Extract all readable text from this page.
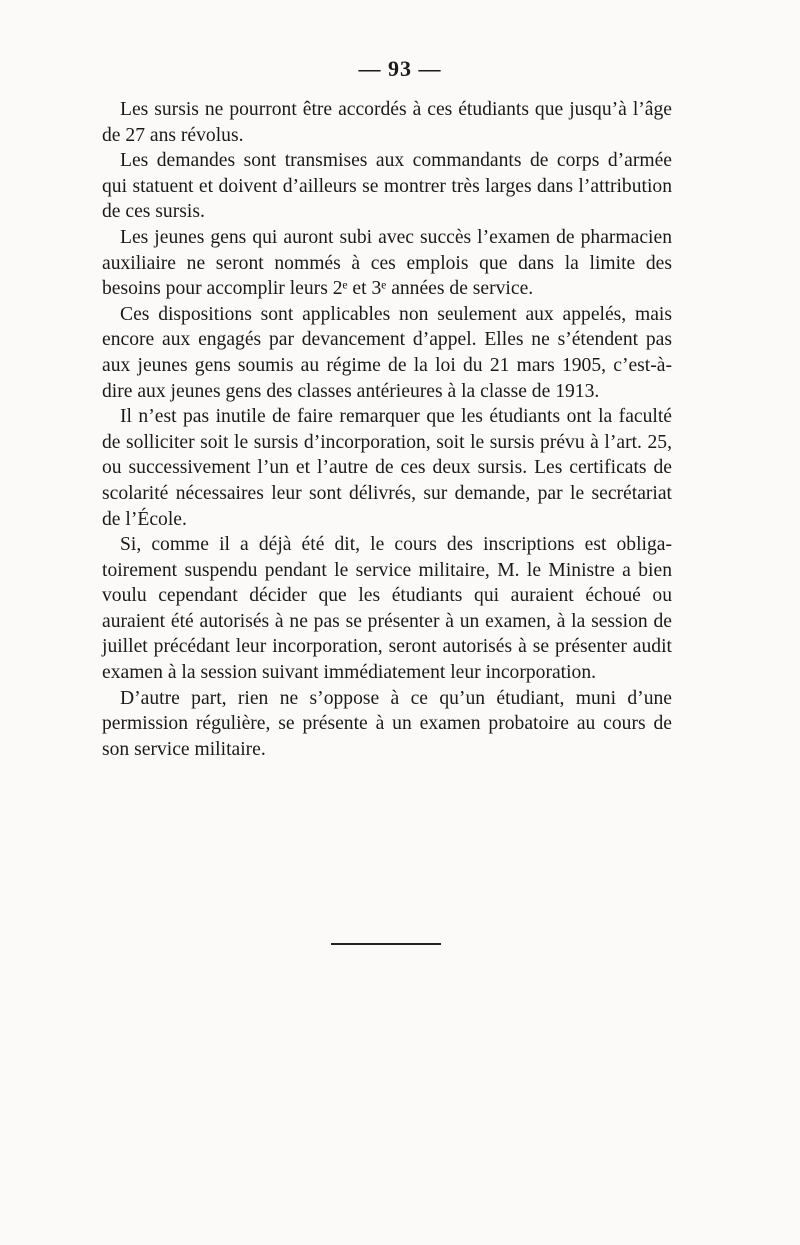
— 93 —

Les sursis ne pourront être accordés à ces étudiants que jusqu’à l’âge de 27 ans révolus.

Les demandes sont transmises aux commandants de corps d’armée qui statuent et doivent d’ailleurs se montrer très larges dans l’attribution de ces sursis.

Les jeunes gens qui auront subi avec succès l’examen de pharmacien auxiliaire ne seront nommés à ces emplois que dans la limite des besoins pour accomplir leurs 2ᵉ et 3ᵉ années de service.

Ces dispositions sont applicables non seulement aux appelés, mais encore aux engagés par devancement d’appel. Elles ne s’étendent pas aux jeunes gens soumis au régime de la loi du 21 mars 1905, c’est-à-dire aux jeunes gens des classes antérieures à la classe de 1913.

Il n’est pas inutile de faire remarquer que les étudiants ont la faculté de solliciter soit le sursis d’incorporation, soit le sursis prévu à l’art. 25, ou successivement l’un et l’autre de ces deux sursis. Les certificats de scolarité nécessaires leur sont délivrés, sur demande, par le secrétariat de l’École.

Si, comme il a déjà été dit, le cours des inscriptions est obligatoirement suspendu pendant le service militaire, M. le Ministre a bien voulu cependant décider que les étudiants qui auraient échoué ou auraient été autorisés à ne pas se présenter à un examen, à la session de juillet précédant leur incorporation, seront autorisés à se présenter audit examen à la session suivant immédiatement leur incorporation.

D’autre part, rien ne s’oppose à ce qu’un étudiant, muni d’une permission régulière, se présente à un examen probatoire au cours de son service militaire.
